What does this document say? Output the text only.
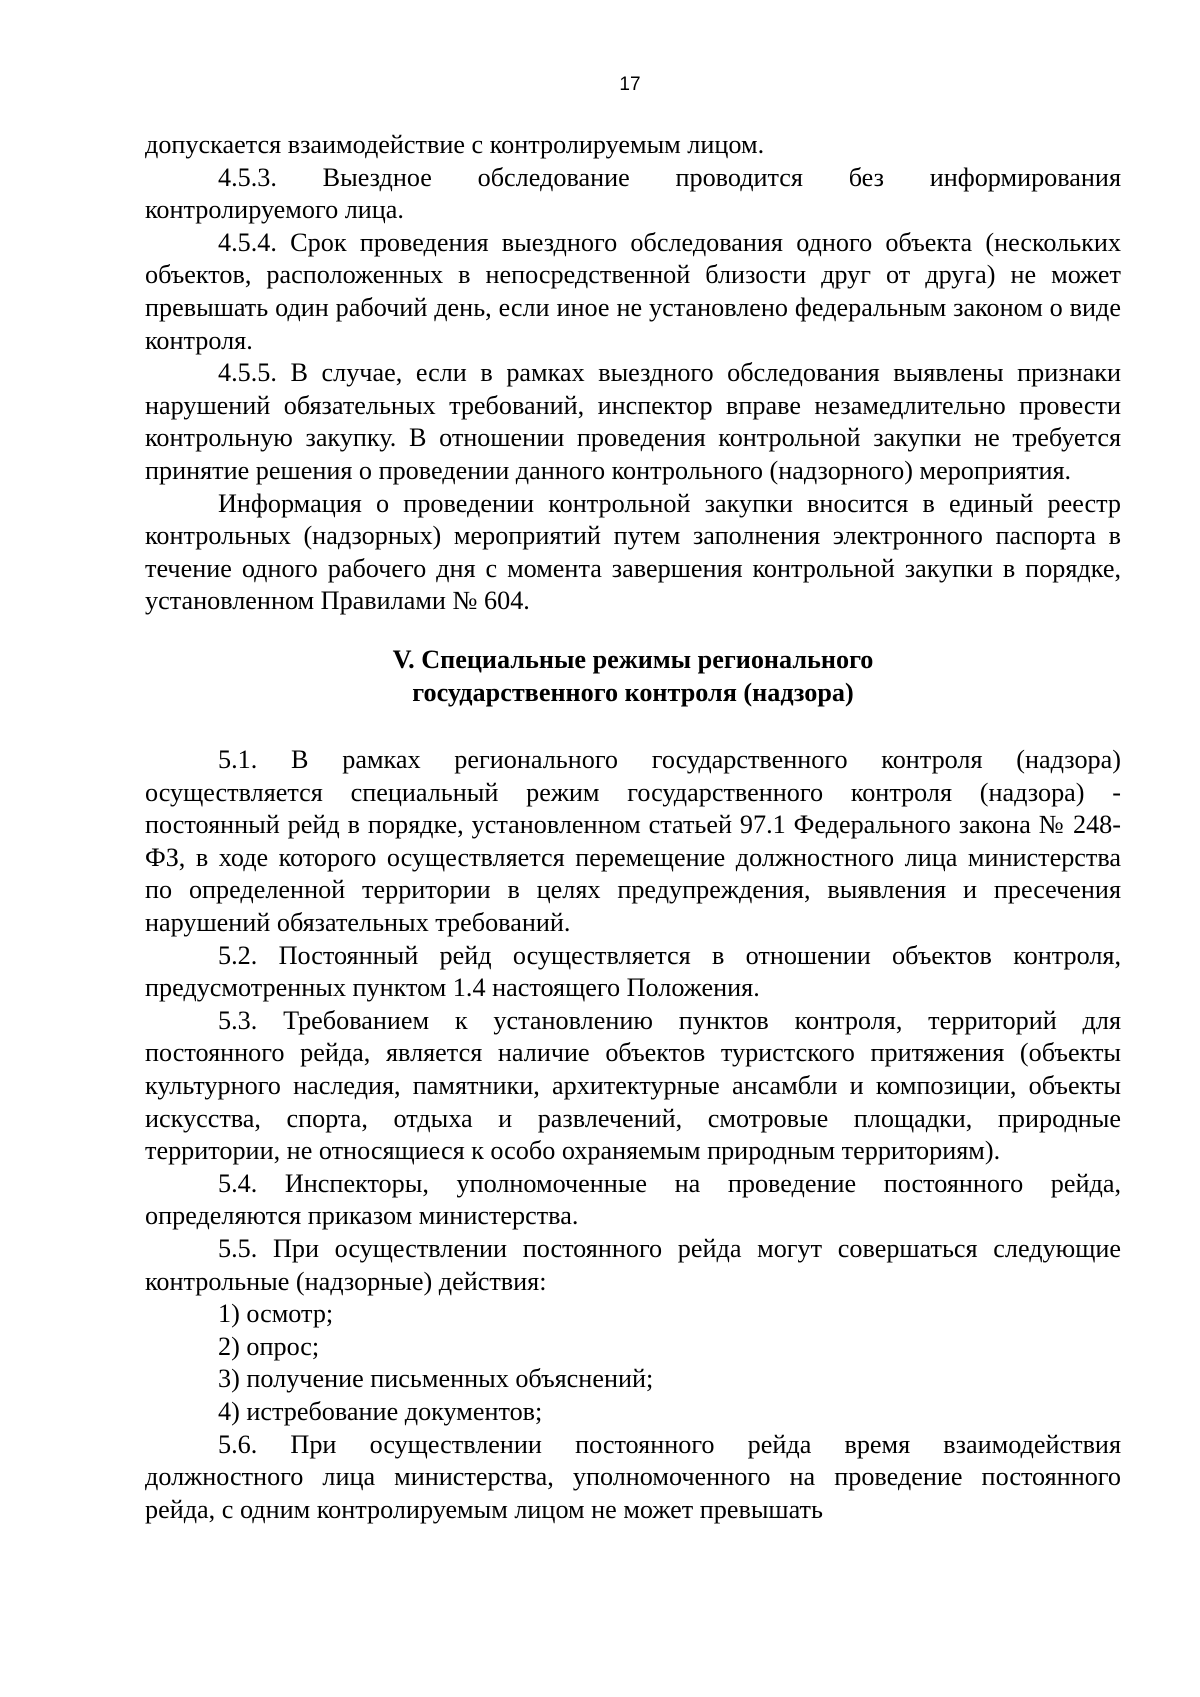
17

допускается взаимодействие с контролируемым лицом.

4.5.3. Выездное обследование проводится без информирования контролируемого лица.

4.5.4. Срок проведения выездного обследования одного объекта (нескольких объектов, расположенных в непосредственной близости друг от друга) не может превышать один рабочий день, если иное не установлено федеральным законом о виде контроля.

4.5.5. В случае, если в рамках выездного обследования выявлены признаки нарушений обязательных требований, инспектор вправе незамедлительно провести контрольную закупку. В отношении проведения контрольной закупки не требуется принятие решения о проведении данного контрольного (надзорного) мероприятия.

Информация о проведении контрольной закупки вносится в единый реестр контрольных (надзорных) мероприятий путем заполнения электронного паспорта в течение одного рабочего дня с момента завершения контрольной закупки в порядке, установленном Правилами № 604.

V. Специальные режимы регионального
государственного контроля (надзора)

5.1. В рамках регионального государственного контроля (надзора) осуществляется специальный режим государственного контроля (надзора) - постоянный рейд в порядке, установленном статьей 97.1 Федерального закона № 248-ФЗ, в ходе которого осуществляется перемещение должностного лица министерства по определенной территории в целях предупреждения, выявления и пресечения нарушений обязательных требований.

5.2. Постоянный рейд осуществляется в отношении объектов контроля, предусмотренных пунктом 1.4 настоящего Положения.

5.3. Требованием к установлению пунктов контроля, территорий для постоянного рейда, является наличие объектов туристского притяжения (объекты культурного наследия, памятники, архитектурные ансамбли и композиции, объекты искусства, спорта, отдыха и развлечений, смотровые площадки, природные территории, не относящиеся к особо охраняемым природным территориям).

5.4. Инспекторы, уполномоченные на проведение постоянного рейда, определяются приказом министерства.

5.5. При осуществлении постоянного рейда могут совершаться следующие контрольные (надзорные) действия:

1) осмотр;

2) опрос;

3) получение письменных объяснений;

4) истребование документов;

5.6. При осуществлении постоянного рейда время взаимодействия должностного лица министерства, уполномоченного на проведение постоянного рейда, с одним контролируемым лицом не может превышать
